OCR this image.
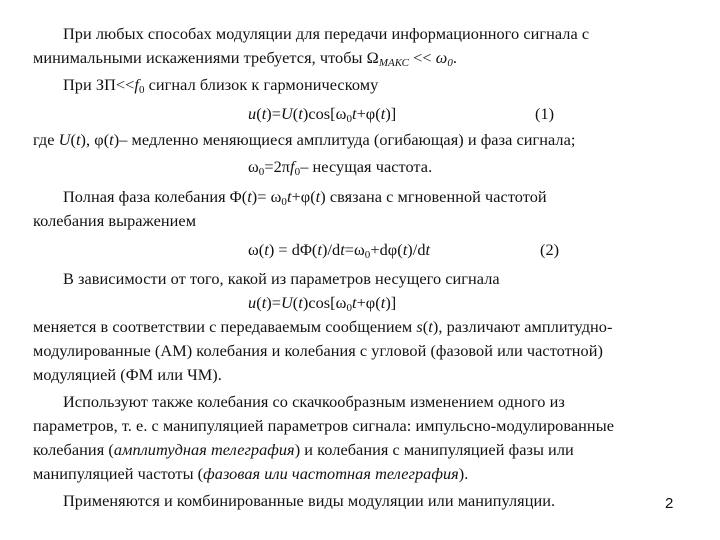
При любых способах модуляции для передачи информационного сигнала с
минимальными искажениями требуется, чтобы $\Omega_{МАКС} << \omega_0$.
При $ЗП<<f_0$ сигнал близок к гармоническому
$u(t)=U(t)\cos[\omega_0t+\varphi(t)]$	(1)
где U(t), φ(t)– медленно меняющиеся амплитуда (огибающая) и фаза сигнала;
$\omega_0=2\pi f_0-$ несущая частота.
Полная фаза колебания $\Phi(t)= \omega_0t+\varphi(t)$ связана с мгновенной частотой
колебания выражением
$\omega(t) = d\Phi(t)/dt=\omega_0+d\varphi(t)/dt$	(2)
В зависимости от того, какой из параметров несущего сигнала
$u(t)=U(t)\cos[\omega_0t+\varphi(t)]$
меняется в соответствии с передаваемым сообщением s(t), различают амплитудно-
модулированные (АМ) колебания и колебания с угловой (фазовой или частотной)
модуляцией (ФМ или ЧМ).
Используют также колебания со скачкообразным изменением одного из
параметров, т. е. с манипуляцией параметров сигнала: импульсно-модулированные
колебания (амплитудная телеграфия) и колебания с манипуляцией фазы или
манипуляцией частоты (фазовая или частотная телеграфия).
Применяются и комбинированные виды модуляции или манипуляции.	2
